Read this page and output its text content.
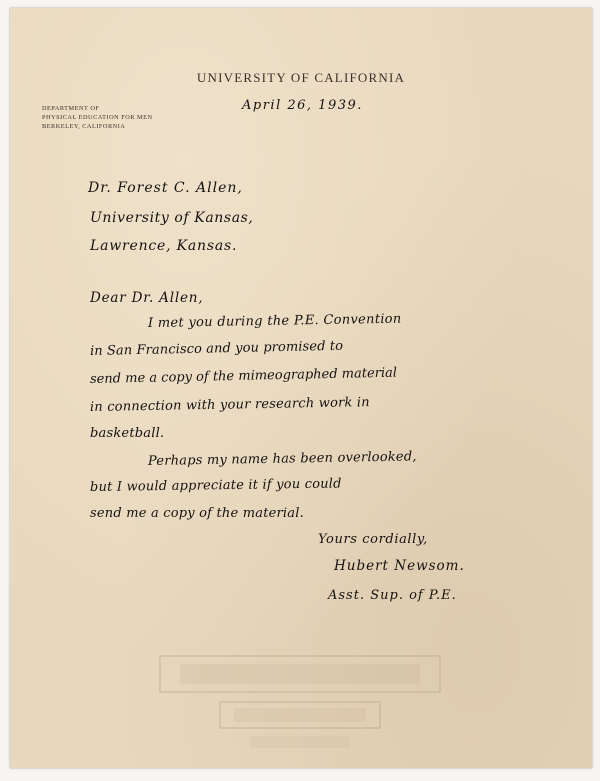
UNIVERSITY OF CALIFORNIA
DEPARTMENT OF
PHYSICAL EDUCATION FOR MEN
BERKELEY, CALIFORNIA
April 26, 1939.
Dr. Forest C. Allen,
University of Kansas,
Lawrence, Kansas.
Dear Dr. Allen,
I met you during the P.E. Convention
in San Francisco and you promised to
send me a copy of the mimeographed material
in connection with your research work in
basketball.
Perhaps my name has been overlooked,
but I would appreciate it if you could
send me a copy of the material.
Yours cordially,
Hubert Newsom.
Asst. Sup. of P.E.
